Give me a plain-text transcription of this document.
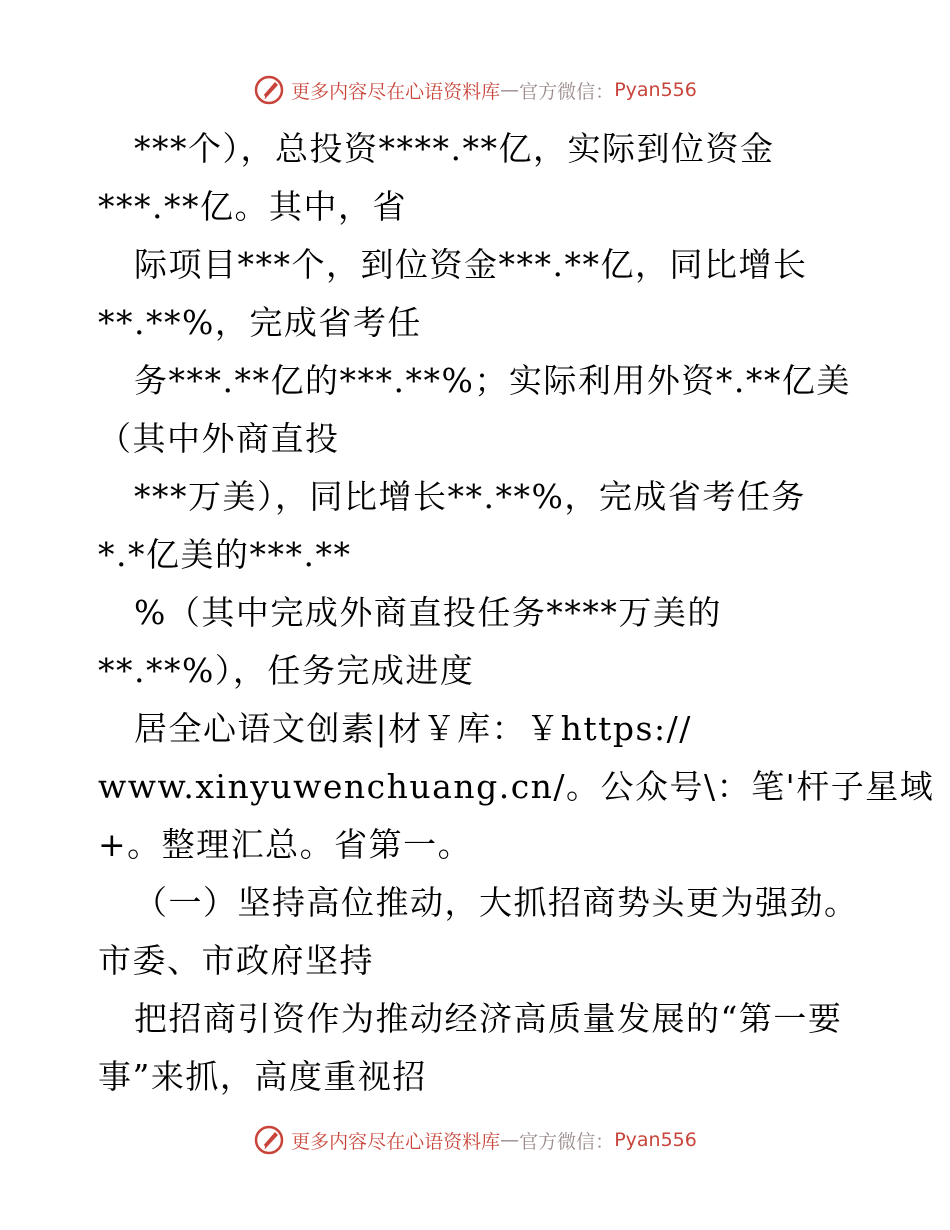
更多内容尽在心语资料库 — 官方微信： Pyan556
***个），总投资****.**亿，实际到位资金
***.**亿。其中，省
际项目***个，到位资金***.**亿，同比增长
**.**%，完成省考任
务***.**亿的***.**%；实际利用外资*.**亿美
（其中外商直投
***万美），同比增长**.**%，完成省考任务
*.*亿美的***.**
%（其中完成外商直投任务****万美的
**.**%），任务完成进度
居全心语文创素|材￥库：￥https://
www.xinyuwenchuang.cn/。公众号\：笔'杆子星域
+。整理汇总。省第一。
（一）坚持高位推动，大抓招商势头更为强劲。
市委、市政府坚持
把招商引资作为推动经济高质量发展的“第一要
事”来抓，高度重视招
更多内容尽在心语资料库 — 官方微信： Pyan556
